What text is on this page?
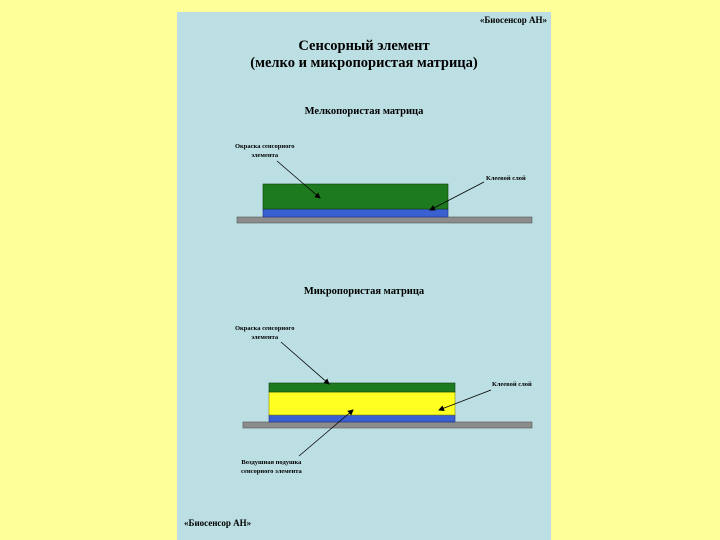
«Биосенсор АН»

Сенсорный элемент
(мелко и микропористая матрица)

Мелкопористая матрица

Окраска сенсорного
элемента

Клеевой слой

Микропористая матрица

Окраска сенсорного
элемента

Клеевой слой

Воздушная подушка
сенсорного элемента

«Биосенсор АН»
